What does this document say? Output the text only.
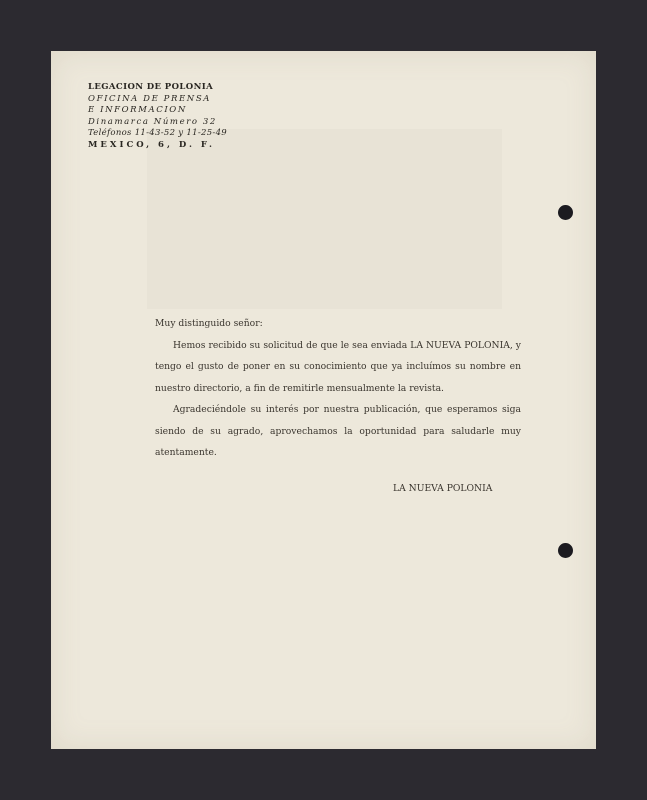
LEGACION DE POLONIA
OFICINA DE PRENSA
E INFORMACION
Dinamarca Número 32
Teléfonos 11-43-52 y 11-25-49
MEXICO, 6, D. F.

Muy distinguido señor:

Hemos recibido su solicitud de que le sea enviada LA NUEVA POLONIA, y tengo el gusto de poner en su conocimiento que ya incluímos su nombre en nuestro directorio, a fin de remitirle mensualmente la revista.

Agradeciéndole su interés por nuestra publicación, que esperamos siga siendo de su agrado, aprovechamos la oportunidad para saludarle muy atentamente.

LA NUEVA POLONIA
